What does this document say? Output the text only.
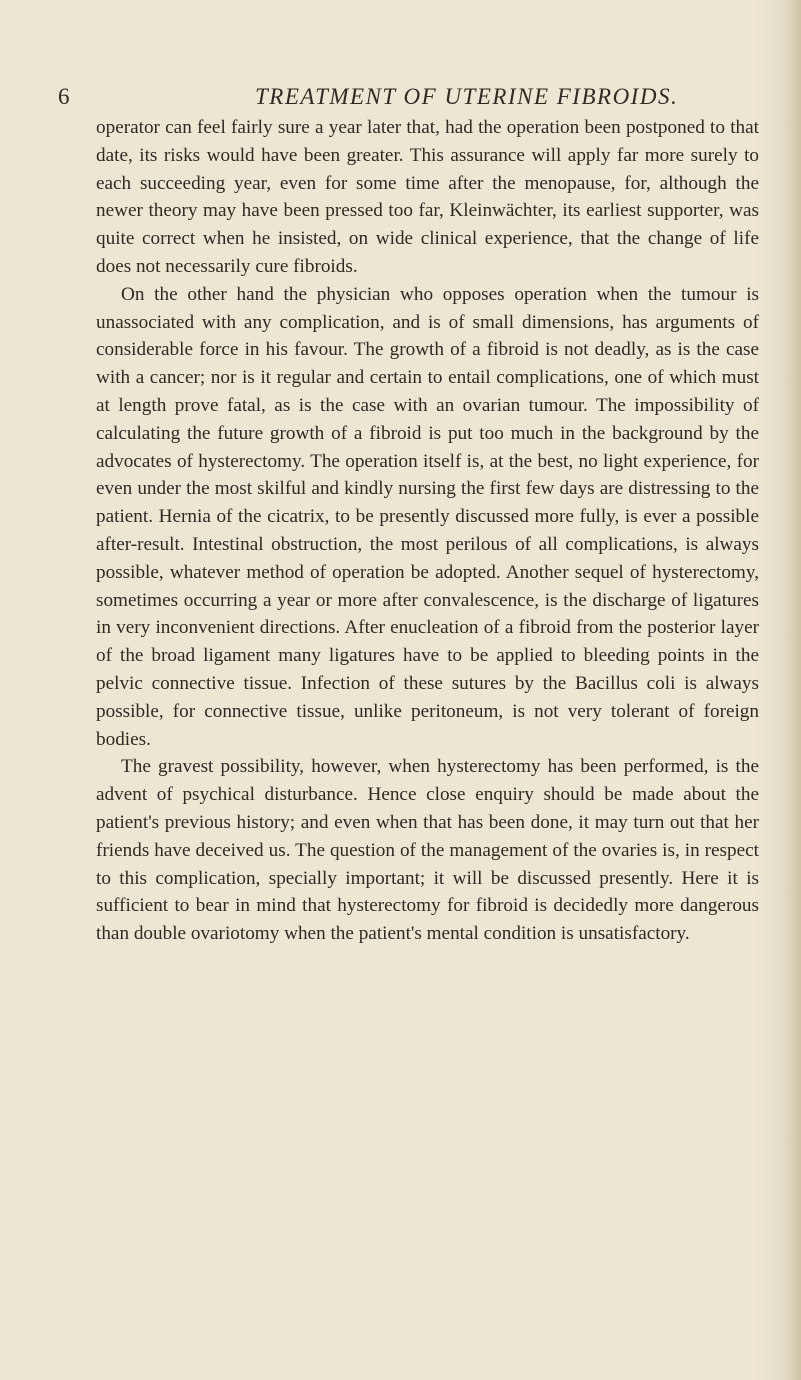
6	TREATMENT OF UTERINE FIBROIDS.

operator can feel fairly sure a year later that, had the operation been postponed to that date, its risks would have been greater. This assurance will apply far more surely to each succeeding year, even for some time after the menopause, for, although the newer theory may have been pressed too far, Kleinwächter, its earliest supporter, was quite correct when he insisted, on wide clinical experience, that the change of life does not necessarily cure fibroids.

On the other hand the physician who opposes operation when the tumour is unassociated with any complication, and is of small dimensions, has arguments of considerable force in his favour. The growth of a fibroid is not deadly, as is the case with a cancer; nor is it regular and certain to entail complications, one of which must at length prove fatal, as is the case with an ovarian tumour. The impossibility of calculating the future growth of a fibroid is put too much in the background by the advocates of hysterectomy. The operation itself is, at the best, no light experience, for even under the most skilful and kindly nursing the first few days are distressing to the patient. Hernia of the cicatrix, to be presently discussed more fully, is ever a possible after-result. Intestinal obstruction, the most perilous of all complications, is always possible, whatever method of operation be adopted. Another sequel of hysterectomy, sometimes occurring a year or more after convalescence, is the discharge of ligatures in very inconvenient directions. After enucleation of a fibroid from the posterior layer of the broad ligament many ligatures have to be applied to bleeding points in the pelvic connective tissue. Infection of these sutures by the Bacillus coli is always possible, for connective tissue, unlike peritoneum, is not very tolerant of foreign bodies.

The gravest possibility, however, when hysterectomy has been performed, is the advent of psychical disturbance. Hence close enquiry should be made about the patient's previous history; and even when that has been done, it may turn out that her friends have deceived us. The question of the management of the ovaries is, in respect to this complication, specially important; it will be discussed presently. Here it is sufficient to bear in mind that hysterectomy for fibroid is decidedly more dangerous than double ovariotomy when the patient's mental condition is unsatisfactory.
